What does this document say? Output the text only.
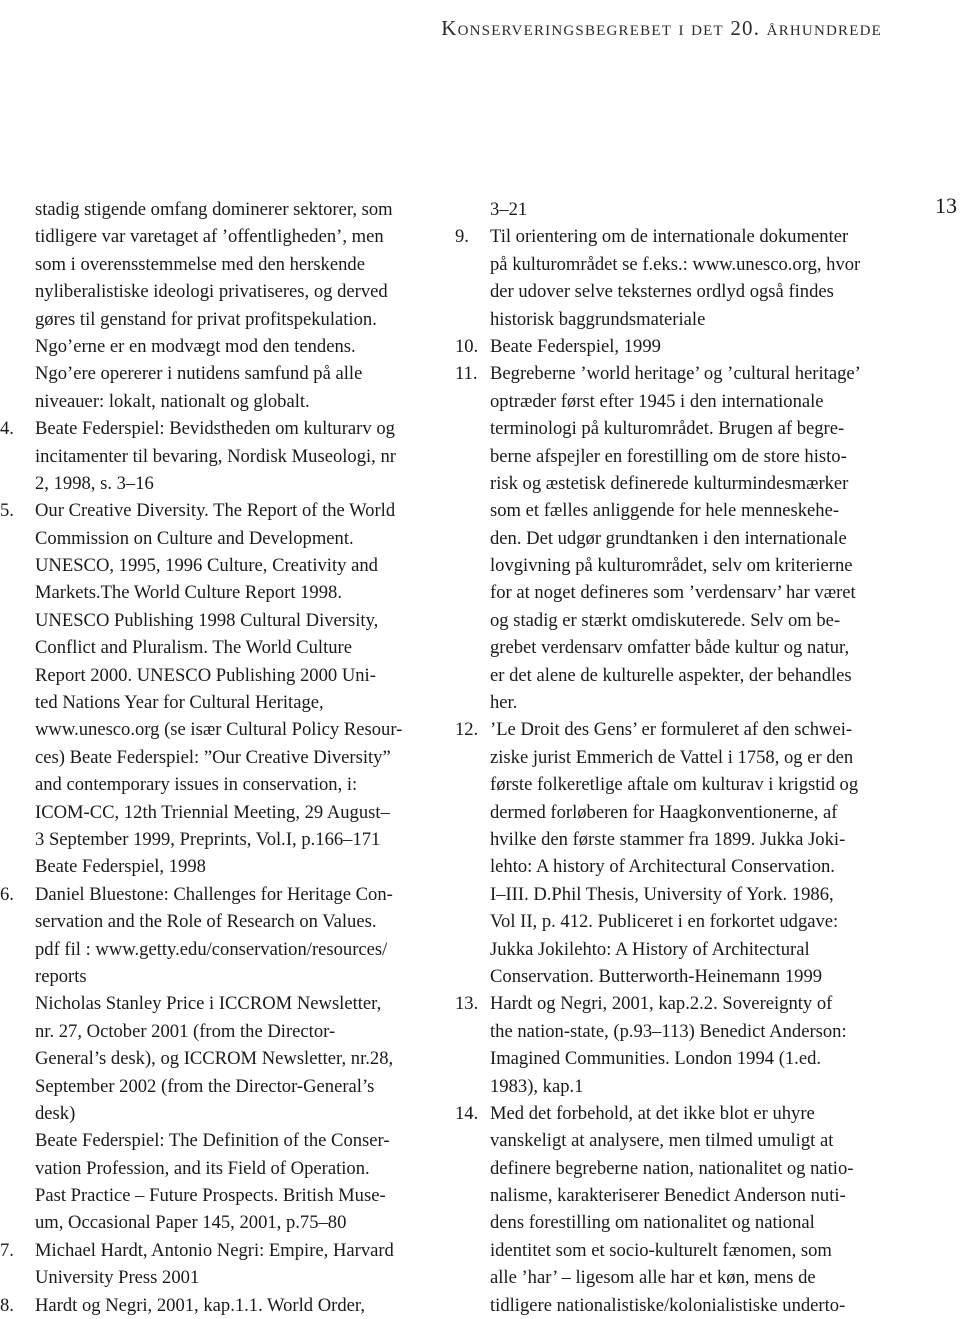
Konserveringsbegrebet i det 20. århundrede
13
stadig stigende omfang dominerer sektorer, som
tidligere var varetaget af ’offentligheden’, men
som i overensstemmelse med den herskende
nyliberalistiske ideologi privatiseres, og derved
gøres til genstand for privat profitspekulation.
Ngo’erne er en modvægt mod den tendens.
Ngo’ere opererer i nutidens samfund på alle
niveauer: lokalt, nationalt og globalt.
4. Beate Federspiel: Bevidstheden om kulturarv og
incitamenter til bevaring, Nordisk Museologi, nr
2, 1998, s. 3–16
5. Our Creative Diversity. The Report of the World
Commission on Culture and Development.
UNESCO, 1995, 1996 Culture, Creativity and
Markets.The World Culture Report 1998.
UNESCO Publishing 1998 Cultural Diversity,
Conflict and Pluralism. The World Culture
Report 2000. UNESCO Publishing 2000 Uni-
ted Nations Year for Cultural Heritage,
www.unesco.org (se især Cultural Policy Resour-
ces) Beate Federspiel: ”Our Creative Diversity”
and contemporary issues in conservation, i:
ICOM-CC, 12th Triennial Meeting, 29 August–
3 September 1999, Preprints, Vol.I, p.166–171
Beate Federspiel, 1998
6. Daniel Bluestone: Challenges for Heritage Con-
servation and the Role of Research on Values.
pdf fil : www.getty.edu/conservation/resources/
reports
Nicholas Stanley Price i ICCROM Newsletter,
nr. 27, October 2001 (from the Director-
General’s desk), og ICCROM Newsletter, nr.28,
September 2002 (from the Director-General’s
desk)
Beate Federspiel: The Definition of the Conser-
vation Profession, and its Field of Operation.
Past Practice – Future Prospects. British Muse-
um, Occasional Paper 145, 2001, p.75–80
7. Michael Hardt, Antonio Negri: Empire, Harvard
University Press 2001
8. Hardt og Negri, 2001, kap.1.1. World Order,
3–21
9. Til orientering om de internationale dokumenter
på kulturområdet se f.eks.: www.unesco.org, hvor
der udover selve teksternes ordlyd også findes
historisk baggrundsmateriale
10. Beate Federspiel, 1999
11. Begreberne ’world heritage’ og ’cultural heritage’
optræder først efter 1945 i den internationale
terminologi på kulturområdet. Brugen af begre-
berne afspejler en forestilling om de store histo-
risk og æstetisk definerede kulturmindesmærker
som et fælles anliggende for hele menneskehe-
den. Det udgør grundtanken i den internationale
lovgivning på kulturområdet, selv om kriterierne
for at noget defineres som ’verdensarv’ har været
og stadig er stærkt omdiskuterede. Selv om be-
grebet verdensarv omfatter både kultur og natur,
er det alene de kulturelle aspekter, der behandles
her.
12. ’Le Droit des Gens’ er formuleret af den schwei-
ziske jurist Emmerich de Vattel i 1758, og er den
første folkeretlige aftale om kulturav i krigstid og
dermed forløberen for Haagkonventionerne, af
hvilke den første stammer fra 1899. Jukka Joki-
lehto: A history of Architectural Conservation.
I–III. D.Phil Thesis, University of York. 1986,
Vol II, p. 412. Publiceret i en forkortet udgave:
Jukka Jokilehto: A History of Architectural
Conservation. Butterworth-Heinemann 1999
13. Hardt og Negri, 2001, kap.2.2. Sovereignty of
the nation-state, (p.93–113) Benedict Anderson:
Imagined Communities. London 1994 (1.ed.
1983), kap.1
14. Med det forbehold, at det ikke blot er uhyre
vanskeligt at analysere, men tilmed umuligt at
definere begreberne nation, nationalitet og natio-
nalisme, karakteriserer Benedict Anderson nuti-
dens forestilling om nationalitet og national
identitet som et socio-kulturelt fænomen, som
alle ’har’ – ligesom alle har et køn, mens de
tidligere nationalistiske/kolonialistiske underto-
